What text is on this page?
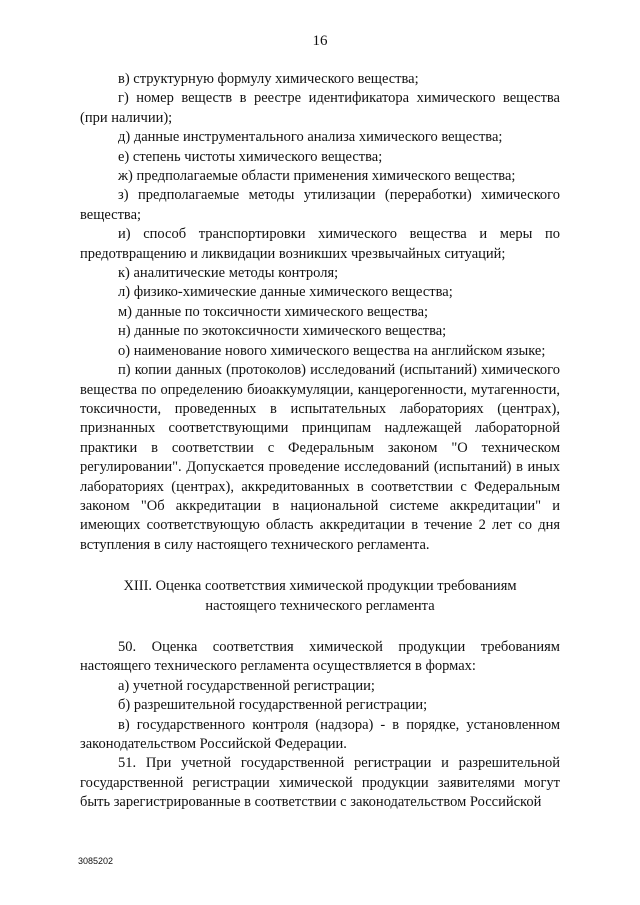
16

в) структурную формулу химического вещества;

г) номер веществ в реестре идентификатора химического вещества (при наличии);

д) данные инструментального анализа химического вещества;

е) степень чистоты химического вещества;

ж) предполагаемые области применения химического вещества;

з) предполагаемые методы утилизации (переработки) химического вещества;

и) способ транспортировки химического вещества и меры по предотвращению и ликвидации возникших чрезвычайных ситуаций;

к) аналитические методы контроля;

л) физико-химические данные химического вещества;

м) данные по токсичности химического вещества;

н) данные по экотоксичности химического вещества;

о) наименование нового химического вещества на английском языке;

п) копии данных (протоколов) исследований (испытаний) химического вещества по определению биоаккумуляции, канцерогенности, мутагенности, токсичности, проведенных в испытательных лабораториях (центрах), признанных соответствующими принципам надлежащей лабораторной практики в соответствии с Федеральным законом "О техническом регулировании". Допускается проведение исследований (испытаний) в иных лабораториях (центрах), аккредитованных в соответствии с Федеральным законом "Об аккредитации в национальной системе аккредитации" и имеющих соответствующую область аккредитации в течение 2 лет со дня вступления в силу настоящего технического регламента.

XIII. Оценка соответствия химической продукции требованиям
настоящего технического регламента

50. Оценка соответствия химической продукции требованиям настоящего технического регламента осуществляется в формах:

а) учетной государственной регистрации;

б) разрешительной государственной регистрации;

в) государственного контроля (надзора) - в порядке, установленном законодательством Российской Федерации.

51. При учетной государственной регистрации и разрешительной государственной регистрации химической продукции заявителями могут быть зарегистрированные в соответствии с законодательством Российской

3085202
